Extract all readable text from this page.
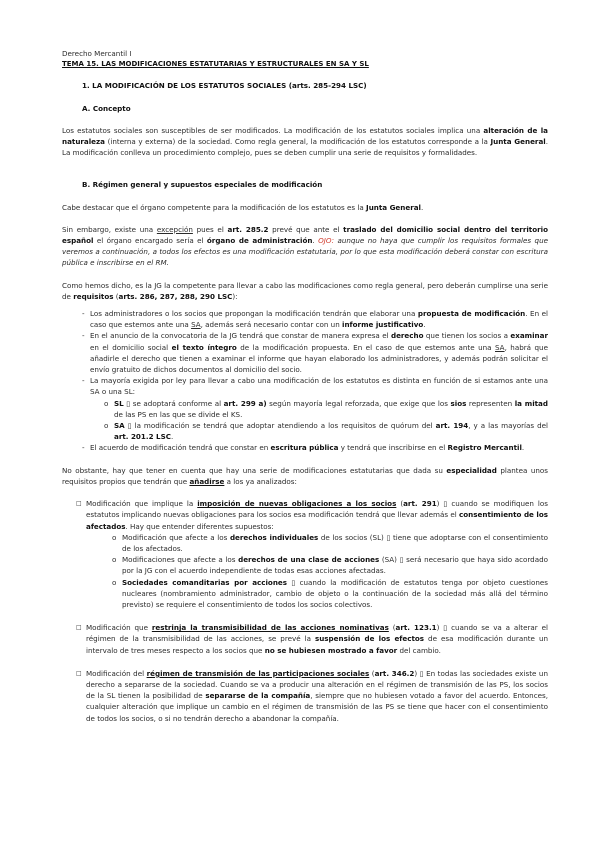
Derecho Mercantil I

TEMA 15. LAS MODIFICACIONES ESTATUTARIAS Y ESTRUCTURALES EN SA Y SL

1. LA MODIFICACIÓN DE LOS ESTATUTOS SOCIALES (arts. 285-294 LSC)

A. Concepto

Los estatutos sociales son susceptibles de ser modificados. La modificación de los estatutos sociales implica una alteración de la naturaleza (interna y externa) de la sociedad. Como regla general, la modificación de los estatutos corresponde a la Junta General. La modificación conlleva un procedimiento complejo, pues se deben cumplir una serie de requisitos y formalidades.

B. Régimen general y supuestos especiales de modificación

Cabe destacar que el órgano competente para la modificación de los estatutos es la Junta General.

Sin embargo, existe una excepción pues el art. 285.2 prevé que ante el traslado del domicilio social dentro del territorio español el órgano encargado sería el órgano de administración. OJO: aunque no haya que cumplir los requisitos formales que veremos a continuación, a todos los efectos es una modificación estatutaria, por lo que esta modificación deberá constar con escritura pública e inscribirse en el RM.

Como hemos dicho, es la JG la competente para llevar a cabo las modificaciones como regla general, pero deberán cumplirse una serie de requisitos (arts. 286, 287, 288, 290 LSC):

- Los administradores o los socios que propongan la modificación tendrán que elaborar una propuesta de modificación. En el caso que estemos ante una SA, además será necesario contar con un informe justificativo.

- En el anuncio de la convocatoria de la JG tendrá que constar de manera expresa el derecho que tienen los socios a examinar en el domicilio social el texto íntegro de la modificación propuesta. En el caso de que estemos ante una SA, habrá que añadirle el derecho que tienen a examinar el informe que hayan elaborado los administradores, y además podrán solicitar el envío gratuito de dichos documentos al domicilio del socio.

- La mayoría exigida por ley para llevar a cabo una modificación de los estatutos es distinta en función de si estamos ante una SA o una SL:

o SL ▯ se adoptará conforme al art. 299 a) según mayoría legal reforzada, que exige que los sios representen la mitad de las PS en las que se divide el KS.

o SA ▯ la modificación se tendrá que adoptar atendiendo a los requisitos de quórum del art. 194, y a las mayorías del art. 201.2 LSC.

- El acuerdo de modificación tendrá que constar en escritura pública y tendrá que inscribirse en el Registro Mercantil.

No obstante, hay que tener en cuenta que hay una serie de modificaciones estatutarias que dada su especialidad plantea unos requisitos propios que tendrán que añadirse a los ya analizados:

□ Modificación que implique la imposición de nuevas obligaciones a los socios (art. 291) ▯ cuando se modifiquen los estatutos implicando nuevas obligaciones para los socios esa modificación tendrá que llevar además el consentimiento de los afectados. Hay que entender diferentes supuestos:

o Modificación que afecte a los derechos individuales de los socios (SL) ▯ tiene que adoptarse con el consentimiento de los afectados.

o Modificaciones que afecte a los derechos de una clase de acciones (SA) ▯ será necesario que haya sido acordado por la JG con el acuerdo independiente de todas esas acciones afectadas.

o Sociedades comanditarias por acciones ▯ cuando la modificación de estatutos tenga por objeto cuestiones nucleares (nombramiento administrador, cambio de objeto o la continuación de la sociedad más allá del término previsto) se requiere el consentimiento de todos los socios colectivos.

□ Modificación que restrinja la transmisibilidad de las acciones nominativas (art. 123.1) ▯ cuando se va a alterar el régimen de la transmisibilidad de las acciones, se prevé la suspensión de los efectos de esa modificación durante un intervalo de tres meses respecto a los socios que no se hubiesen mostrado a favor del cambio.

□ Modificación del régimen de transmisión de las participaciones sociales (art. 346.2) ▯ En todas las sociedades existe un derecho a separarse de la sociedad. Cuando se va a producir una alteración en el régimen de transmisión de las PS, los socios de la SL tienen la posibilidad de separarse de la compañía, siempre que no hubiesen votado a favor del acuerdo. Entonces, cualquier alteración que implique un cambio en el régimen de transmisión de las PS se tiene que hacer con el consentimiento de todos los socios, o si no tendrán derecho a abandonar la compañía.
